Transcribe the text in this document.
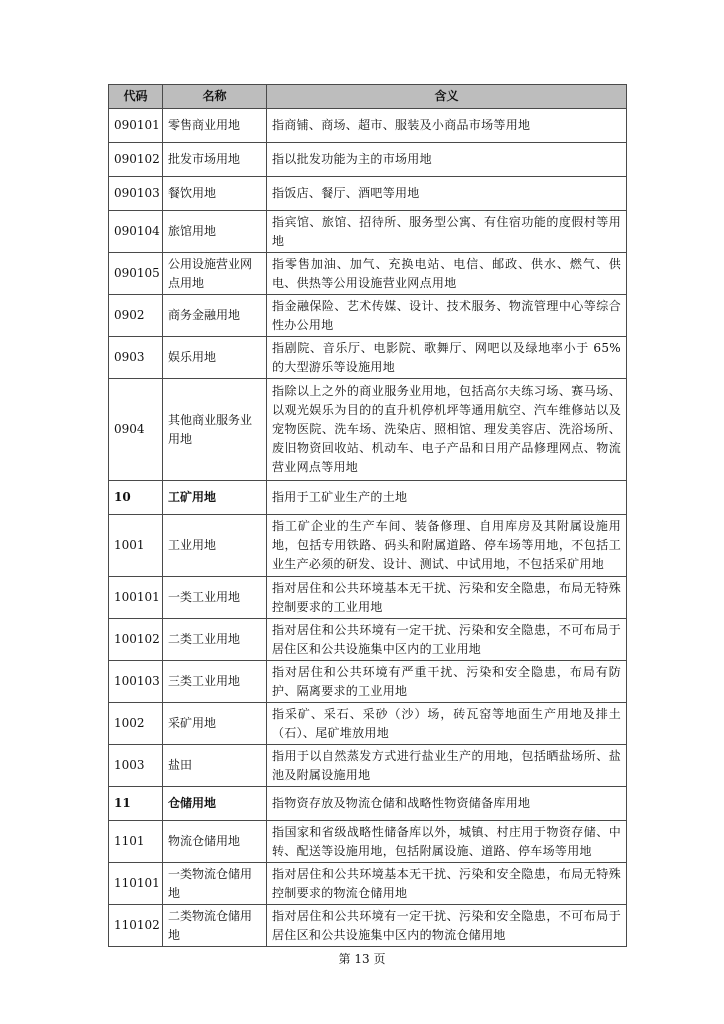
代码	名称	含义
090101	零售商业用地	指商铺、商场、超市、服装及小商品市场等用地
090102	批发市场用地	指以批发功能为主的市场用地
090103	餐饮用地	指饭店、餐厅、酒吧等用地
090104	旅馆用地	指宾馆、旅馆、招待所、服务型公寓、有住宿功能的度假村等用地
090105	公用设施营业网点用地	指零售加油、加气、充换电站、电信、邮政、供水、燃气、供电、供热等公用设施营业网点用地
0902	商务金融用地	指金融保险、艺术传媒、设计、技术服务、物流管理中心等综合性办公用地
0903	娱乐用地	指剧院、音乐厅、电影院、歌舞厅、网吧以及绿地率小于 65% 的大型游乐等设施用地
0904	其他商业服务业用地	指除以上之外的商业服务业用地，包括高尔夫练习场、赛马场、以观光娱乐为目的的直升机停机坪等通用航空、汽车维修站以及宠物医院、洗车场、洗染店、照相馆、理发美容店、洗浴场所、废旧物资回收站、机动车、电子产品和日用产品修理网点、物流营业网点等用地
10	工矿用地	指用于工矿业生产的土地
1001	工业用地	指工矿企业的生产车间、装备修理、自用库房及其附属设施用地，包括专用铁路、码头和附属道路、停车场等用地，不包括工业生产必须的研发、设计、测试、中试用地，不包括采矿用地
100101	一类工业用地	指对居住和公共环境基本无干扰、污染和安全隐患，布局无特殊控制要求的工业用地
100102	二类工业用地	指对居住和公共环境有一定干扰、污染和安全隐患，不可布局于居住区和公共设施集中区内的工业用地
100103	三类工业用地	指对居住和公共环境有严重干扰、污染和安全隐患，布局有防护、隔离要求的工业用地
1002	采矿用地	指采矿、采石、采砂（沙）场，砖瓦窑等地面生产用地及排土（石）、尾矿堆放用地
1003	盐田	指用于以自然蒸发方式进行盐业生产的用地，包括晒盐场所、盐池及附属设施用地
11	仓储用地	指物资存放及物流仓储和战略性物资储备库用地
1101	物流仓储用地	指国家和省级战略性储备库以外，城镇、村庄用于物资存储、中转、配送等设施用地，包括附属设施、道路、停车场等用地
110101	一类物流仓储用地	指对居住和公共环境基本无干扰、污染和安全隐患，布局无特殊控制要求的物流仓储用地
110102	二类物流仓储用地	指对居住和公共环境有一定干扰、污染和安全隐患，不可布局于居住区和公共设施集中区内的物流仓储用地
第 13 页
